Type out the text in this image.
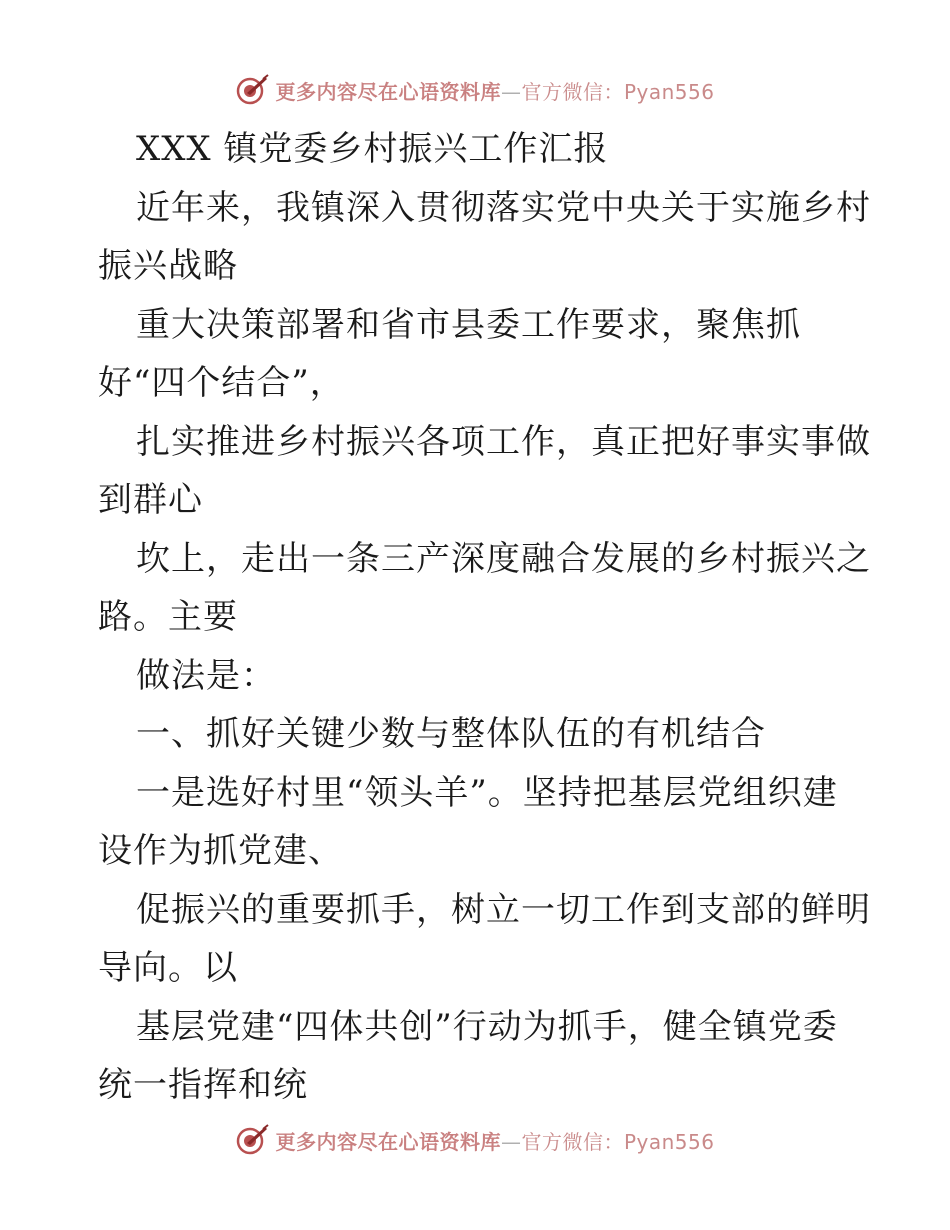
更多内容尽在心语资料库—官方微信：Pyan556
XXX 镇党委乡村振兴工作汇报
近年来，我镇深入贯彻落实党中央关于实施乡村
振兴战略
重大决策部署和省市县委工作要求，聚焦抓
好“四个结合”，
扎实推进乡村振兴各项工作，真正把好事实事做
到群心
坎上，走出一条三产深度融合发展的乡村振兴之
路。主要
做法是：
一、抓好关键少数与整体队伍的有机结合
一是选好村里“领头羊”。坚持把基层党组织建
设作为抓党建、
促振兴的重要抓手，树立一切工作到支部的鲜明
导向。以
基层党建“四体共创”行动为抓手，健全镇党委
统一指挥和统
更多内容尽在心语资料库—官方微信：Pyan556
